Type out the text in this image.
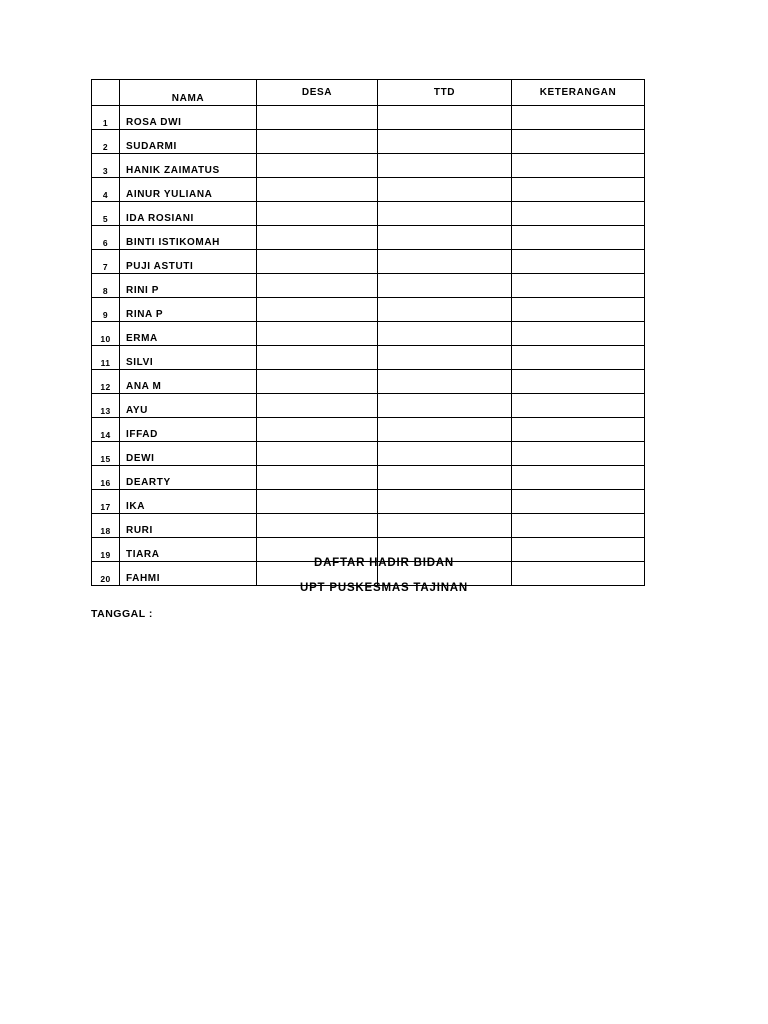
	NAMA	DESA	TTD	KETERANGAN
1	ROSA DWI			
2	SUDARMI			
3	HANIK ZAIMATUS			
4	AINUR YULIANA			
5	IDA ROSIANI			
6	BINTI ISTIKOMAH			
7	PUJI ASTUTI			
8	RINI P			
9	RINA P			
10	ERMA			
11	SILVI			
12	ANA M			
13	AYU			
14	IFFAD			
15	DEWI			
16	DEARTY			
17	IKA			
18	RURI			
19	TIARA			
20	FAHMI			
DAFTAR HADIR BIDAN
UPT PUSKESMAS TAJINAN
TANGGAL :
